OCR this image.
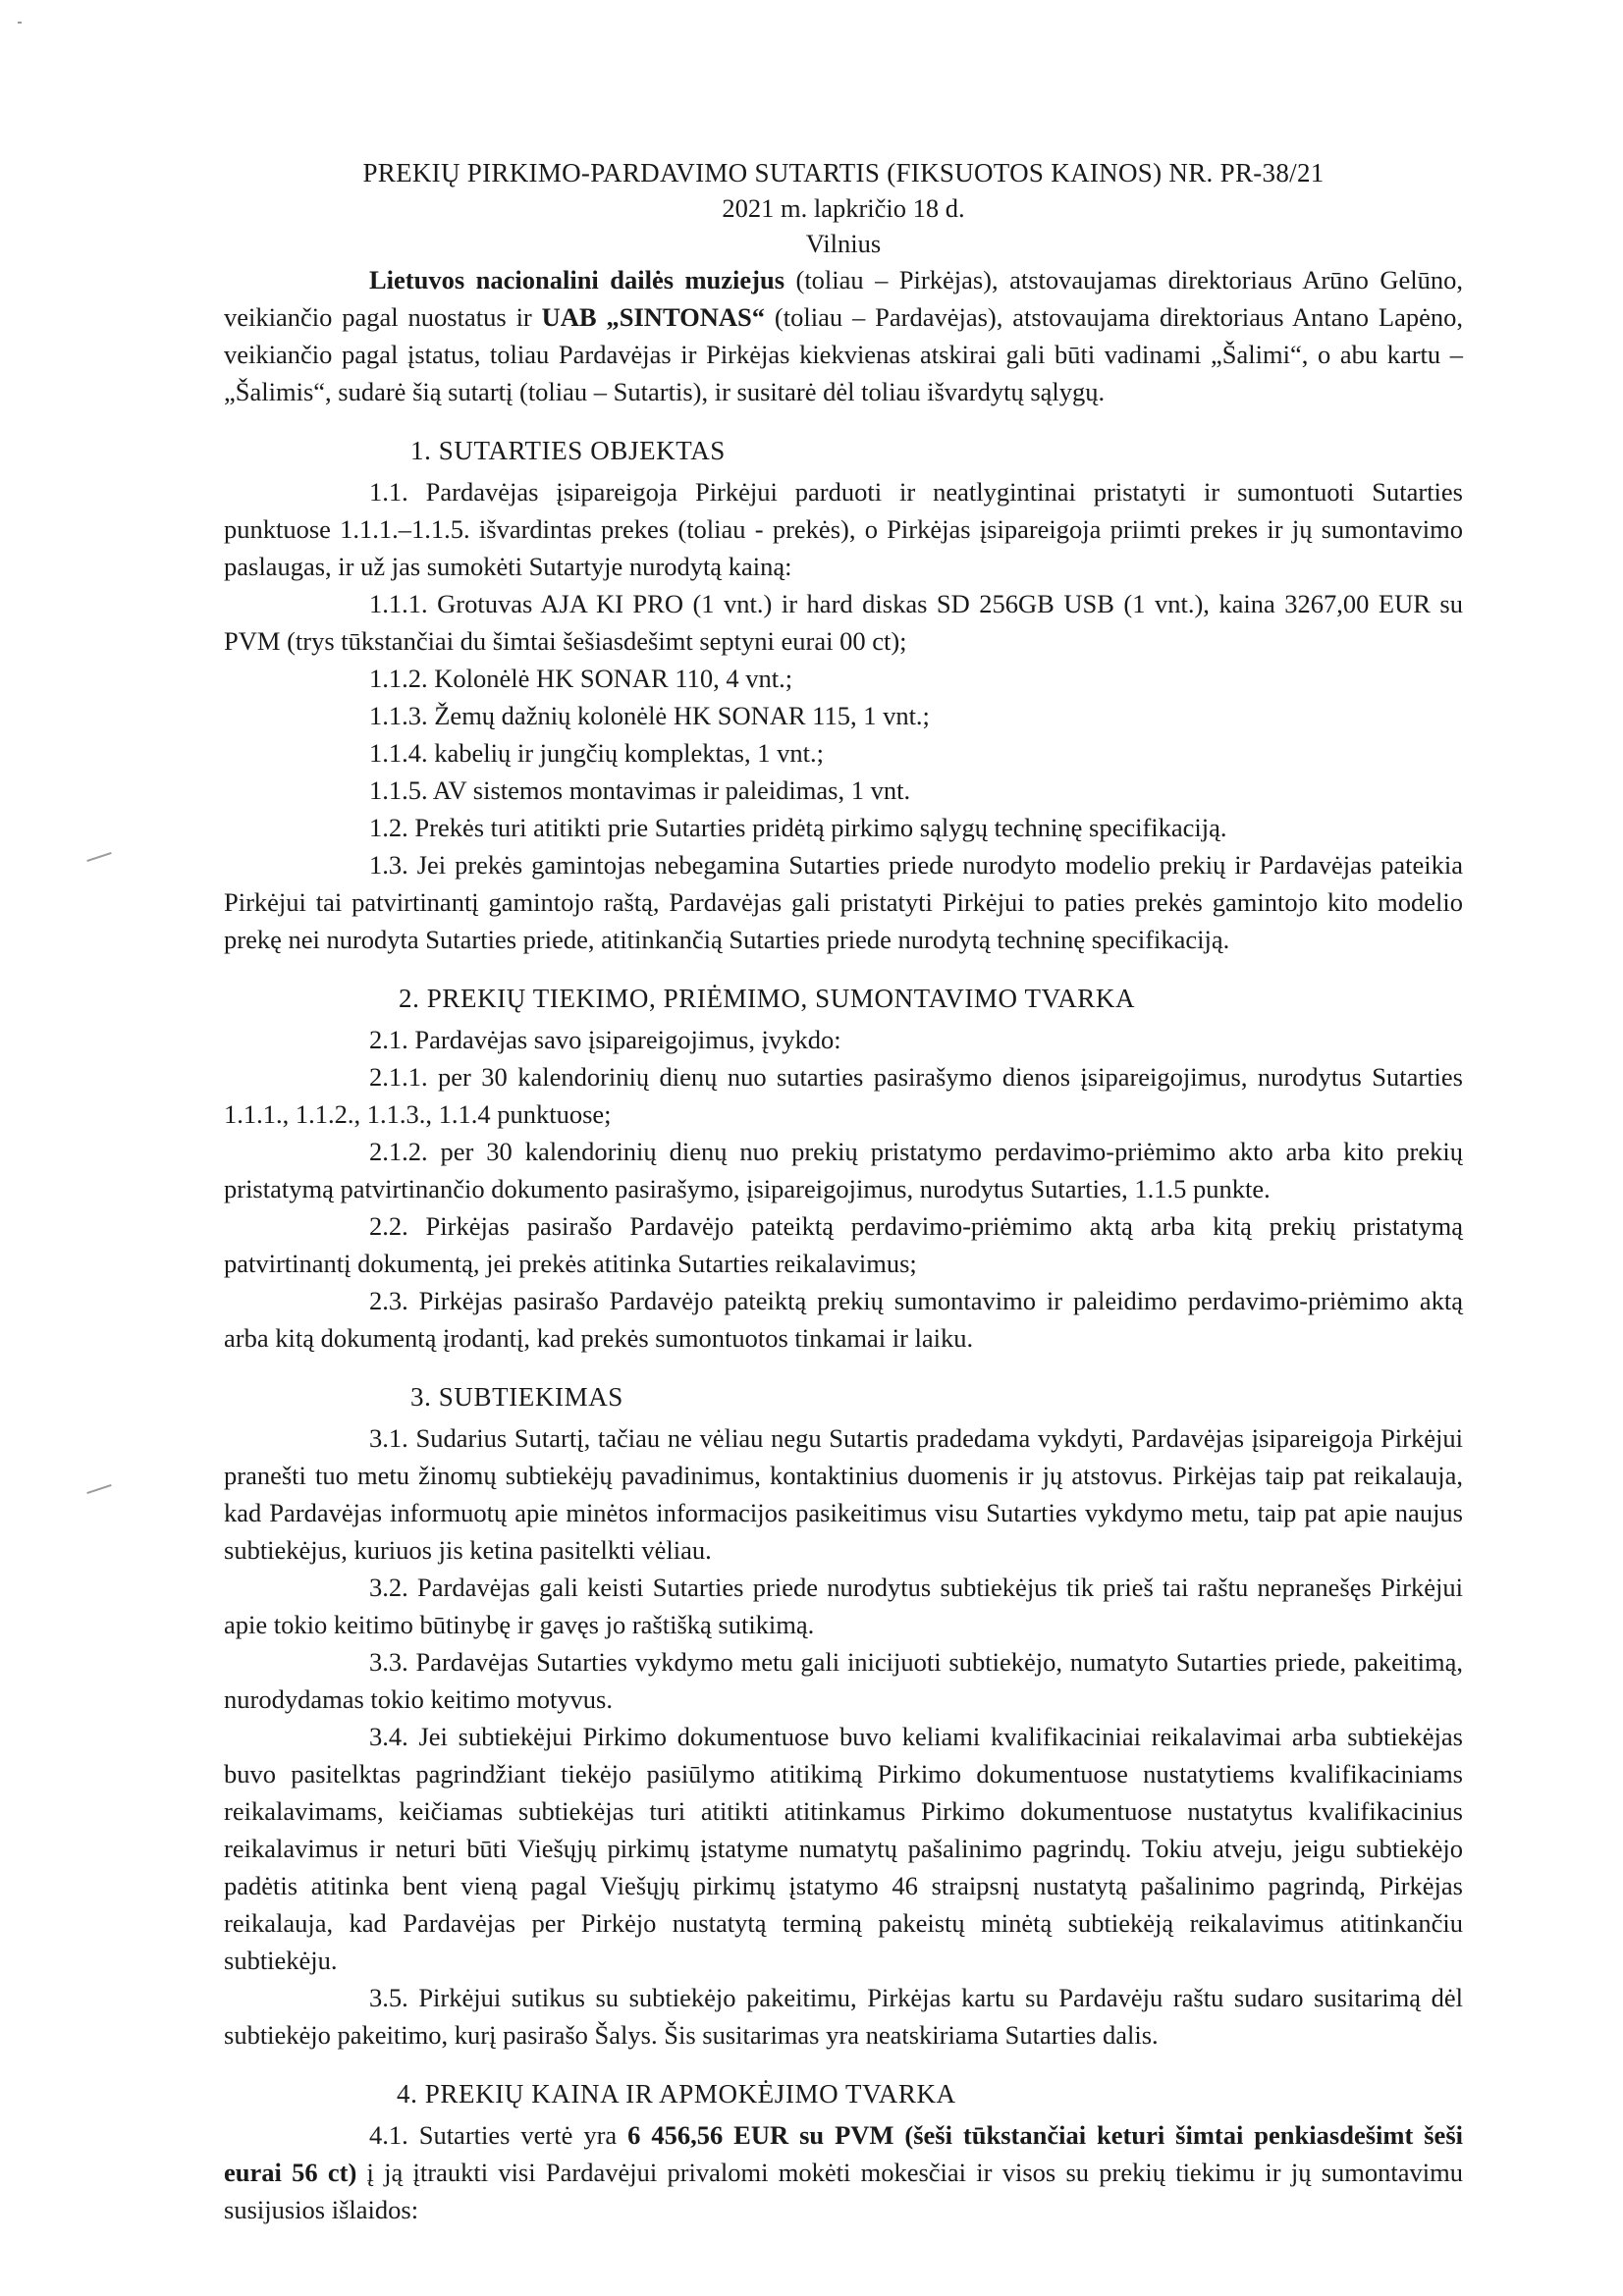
PREKIŲ PIRKIMO-PARDAVIMO SUTARTIS (FIKSUOTOS KAINOS) NR. PR-38/21
2021 m. lapkričio 18 d.
Vilnius

Lietuvos nacionalini dailės muziejus (toliau – Pirkėjas), atstovaujamas direktoriaus Arūno Gelūno, veikiančio pagal nuostatus ir UAB „SINTONAS“ (toliau – Pardavėjas), atstovaujama direktoriaus Antano Lapėno, veikiančio pagal įstatus, toliau Pardavėjas ir Pirkėjas kiekvienas atskirai gali būti vadinami „Šalimi“, o abu kartu – „Šalimis“, sudarė šią sutartį (toliau – Sutartis), ir susitarė dėl toliau išvardytų sąlygų.

1. SUTARTIES OBJEKTAS

1.1. Pardavėjas įsipareigoja Pirkėjui parduoti ir neatlygintinai pristatyti ir sumontuoti Sutarties punktuose 1.1.1.–1.1.5. išvardintas prekes (toliau - prekės), o Pirkėjas įsipareigoja priimti prekes ir jų sumontavimo paslaugas, ir už jas sumokėti Sutartyje nurodytą kainą:

1.1.1. Grotuvas AJA KI PRO (1 vnt.) ir hard diskas SD 256GB USB (1 vnt.), kaina 3267,00 EUR su PVM (trys tūkstančiai du šimtai šešiasdešimt septyni eurai 00 ct);

1.1.2. Kolonėlė HK SONAR 110, 4 vnt.;

1.1.3. Žemų dažnių kolonėlė HK SONAR 115, 1 vnt.;

1.1.4. kabelių ir jungčių komplektas, 1 vnt.;

1.1.5. AV sistemos montavimas ir paleidimas, 1 vnt.

1.2. Prekės turi atitikti prie Sutarties pridėtą pirkimo sąlygų techninę specifikaciją.

1.3. Jei prekės gamintojas nebegamina Sutarties priede nurodyto modelio prekių ir Pardavėjas pateikia Pirkėjui tai patvirtinantį gamintojo raštą, Pardavėjas gali pristatyti Pirkėjui to paties prekės gamintojo kito modelio prekę nei nurodyta Sutarties priede, atitinkančią Sutarties priede nurodytą techninę specifikaciją.

2. PREKIŲ TIEKIMO, PRIĖMIMO, SUMONTAVIMO TVARKA

2.1. Pardavėjas savo įsipareigojimus, įvykdo:

2.1.1. per 30 kalendorinių dienų nuo sutarties pasirašymo dienos įsipareigojimus, nurodytus Sutarties 1.1.1., 1.1.2., 1.1.3., 1.1.4 punktuose;

2.1.2. per 30 kalendorinių dienų nuo prekių pristatymo perdavimo-priėmimo akto arba kito prekių pristatymą patvirtinančio dokumento pasirašymo, įsipareigojimus, nurodytus Sutarties, 1.1.5 punkte.

2.2. Pirkėjas pasirašo Pardavėjo pateiktą perdavimo-priėmimo aktą arba kitą prekių pristatymą patvirtinantį dokumentą, jei prekės atitinka Sutarties reikalavimus;

2.3. Pirkėjas pasirašo Pardavėjo pateiktą prekių sumontavimo ir paleidimo perdavimo-priėmimo aktą arba kitą dokumentą įrodantį, kad prekės sumontuotos tinkamai ir laiku.

3. SUBTIEKIMAS

3.1. Sudarius Sutartį, tačiau ne vėliau negu Sutartis pradedama vykdyti, Pardavėjas įsipareigoja Pirkėjui pranešti tuo metu žinomų subtiekėjų pavadinimus, kontaktinius duomenis ir jų atstovus. Pirkėjas taip pat reikalauja, kad Pardavėjas informuotų apie minėtos informacijos pasikeitimus visu Sutarties vykdymo metu, taip pat apie naujus subtiekėjus, kuriuos jis ketina pasitelkti vėliau.

3.2. Pardavėjas gali keisti Sutarties priede nurodytus subtiekėjus tik prieš tai raštu nepranešęs Pirkėjui apie tokio keitimo būtinybę ir gavęs jo raštišką sutikimą.

3.3. Pardavėjas Sutarties vykdymo metu gali inicijuoti subtiekėjo, numatyto Sutarties priede, pakeitimą, nurodydamas tokio keitimo motyvus.

3.4. Jei subtiekėjui Pirkimo dokumentuose buvo keliami kvalifikaciniai reikalavimai arba subtiekėjas buvo pasitelktas pagrindžiant tiekėjo pasiūlymo atitikimą Pirkimo dokumentuose nustatytiems kvalifikaciniams reikalavimams, keičiamas subtiekėjas turi atitikti atitinkamus Pirkimo dokumentuose nustatytus kvalifikacinius reikalavimus ir neturi būti Viešųjų pirkimų įstatyme numatytų pašalinimo pagrindų. Tokiu atveju, jeigu subtiekėjo padėtis atitinka bent vieną pagal Viešųjų pirkimų įstatymo 46 straipsnį nustatytą pašalinimo pagrindą, Pirkėjas reikalauja, kad Pardavėjas per Pirkėjo nustatytą terminą pakeistų minėtą subtiekėją reikalavimus atitinkančiu subtiekėju.

3.5. Pirkėjui sutikus su subtiekėjo pakeitimu, Pirkėjas kartu su Pardavėju raštu sudaro susitarimą dėl subtiekėjo pakeitimo, kurį pasirašo Šalys. Šis susitarimas yra neatskiriama Sutarties dalis.

4. PREKIŲ KAINA IR APMOKĖJIMO TVARKA

4.1. Sutarties vertė yra 6 456,56 EUR su PVM (šeši tūkstančiai keturi šimtai penkiasdešimt šeši eurai 56 ct) į ją įtraukti visi Pardavėjui privalomi mokėti mokesčiai ir visos su prekių tiekimu ir jų sumontavimu susijusios išlaidos:
